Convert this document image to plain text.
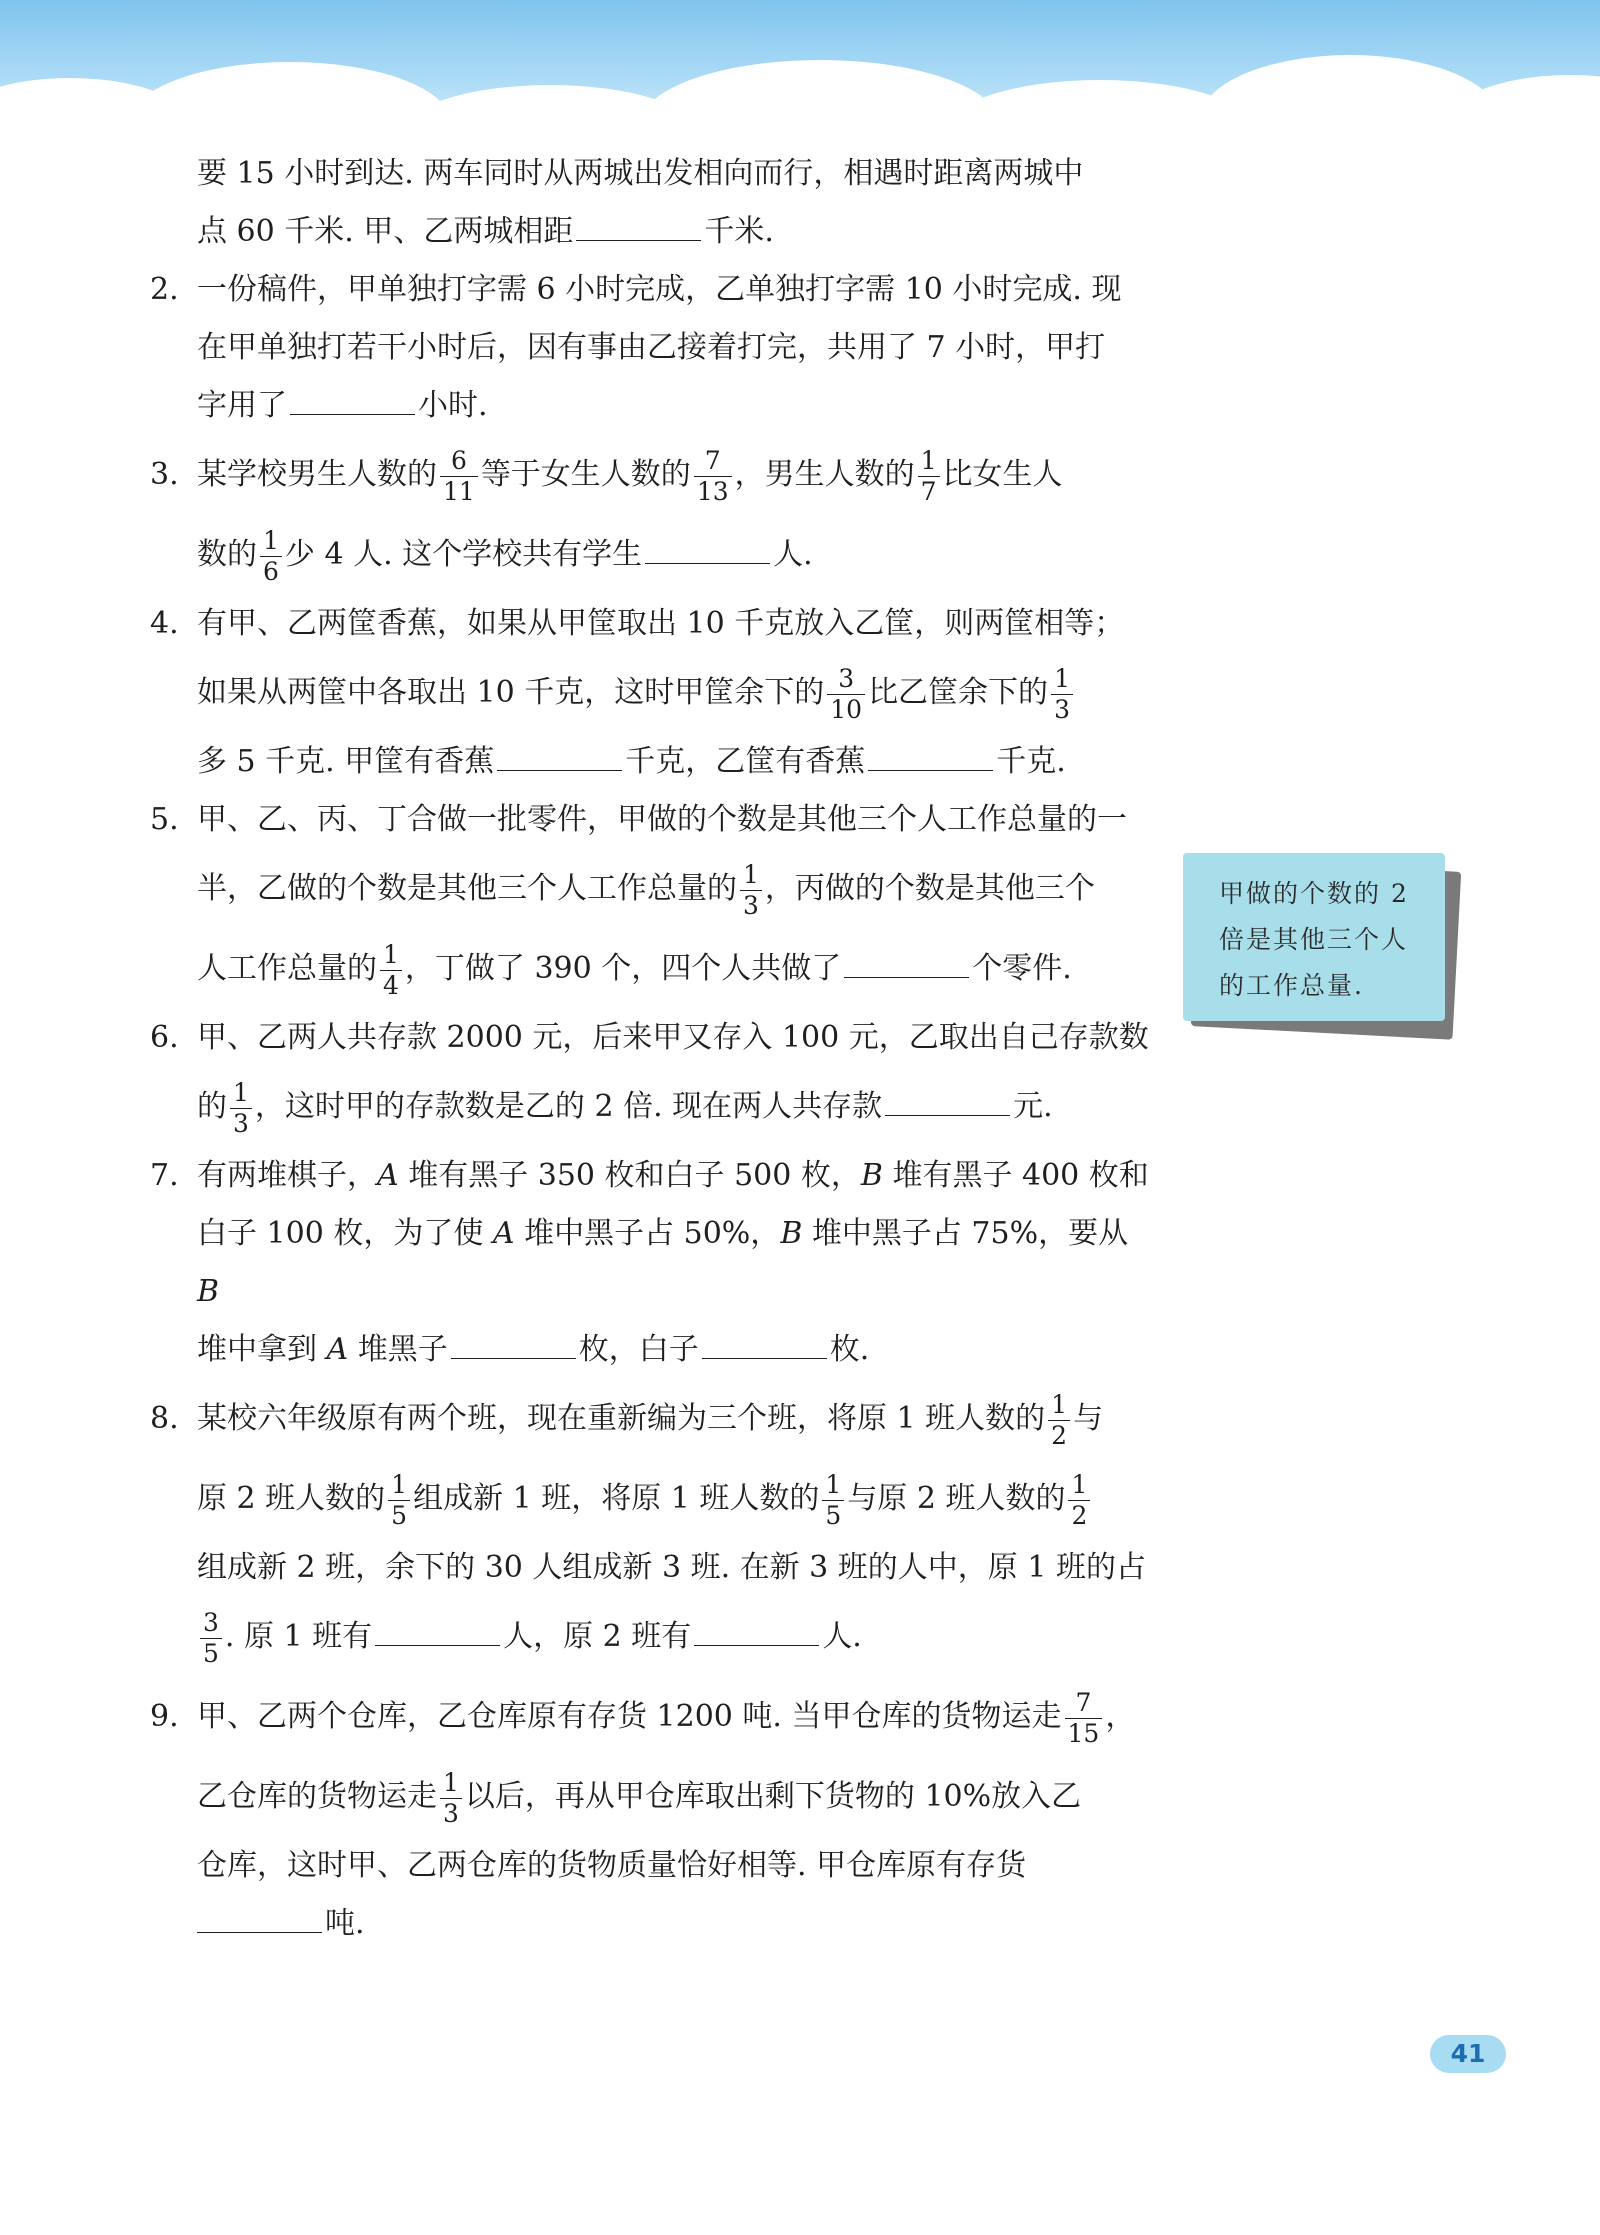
要 15 小时到达. 两车同时从两城出发相向而行，相遇时距离两城中
点 60 千米. 甲、乙两城相距	千米.
2. 一份稿件，甲单独打字需 6 小时完成，乙单独打字需 10 小时完成. 现
在甲单独打若干小时后，因有事由乙接着打完，共用了 7 小时，甲打
字用了	小时.
3. 某学校男生人数的 $\frac{6}{11}$ 等于女生人数的 $\frac{7}{13}$ ，男生人数的 $\frac{1}{7}$ 比女生人
数的 $\frac{1}{6}$ 少 4 人. 这个学校共有学生	人.
4. 有甲、乙两筐香蕉，如果从甲筐取出 10 千克放入乙筐，则两筐相等；
如果从两筐中各取出 10 千克，这时甲筐余下的 $\frac{3}{10}$ 比乙筐余下的 $\frac{1}{3}$
多 5 千克. 甲筐有香蕉	千克，乙筐有香蕉	千克.
5. 甲、乙、丙、丁合做一批零件，甲做的个数是其他三个人工作总量的一
半，乙做的个数是其他三个人工作总量的 $\frac{1}{3}$ ，丙做的个数是其他三个
人工作总量的 $\frac{1}{4}$ ，丁做了 390 个，四个人共做了	个零件.
6. 甲、乙两人共存款 2000 元，后来甲又存入 100 元，乙取出自己存款数
的 $\frac{1}{3}$ ，这时甲的存款数是乙的 2 倍. 现在两人共存款	元.
7. 有两堆棋子，A 堆有黑子 350 枚和白子 500 枚，B 堆有黑子 400 枚和
白子 100 枚，为了使 A 堆中黑子占 50%，B 堆中黑子占 75%，要从 B
堆中拿到 A 堆黑子	枚，白子	枚.
8. 某校六年级原有两个班，现在重新编为三个班，将原 1 班人数的 $\frac{1}{2}$ 与
原 2 班人数的 $\frac{1}{5}$ 组成新 1 班，将原 1 班人数的 $\frac{1}{5}$ 与原 2 班人数的 $\frac{1}{2}$
组成新 2 班，余下的 30 人组成新 3 班. 在新 3 班的人中，原 1 班的占
$\frac{3}{5}$ . 原 1 班有	人，原 2 班有	人.
9. 甲、乙两个仓库，乙仓库原有存货 1200 吨. 当甲仓库的货物运走 $\frac{7}{15}$ ，
乙仓库的货物运走 $\frac{1}{3}$ 以后，再从甲仓库取出剩下货物的 10%放入乙
仓库，这时甲、乙两仓库的货物质量恰好相等. 甲仓库原有存货
吨.
甲做的个数的 2
倍是其他三个人
的工作总量.
41
